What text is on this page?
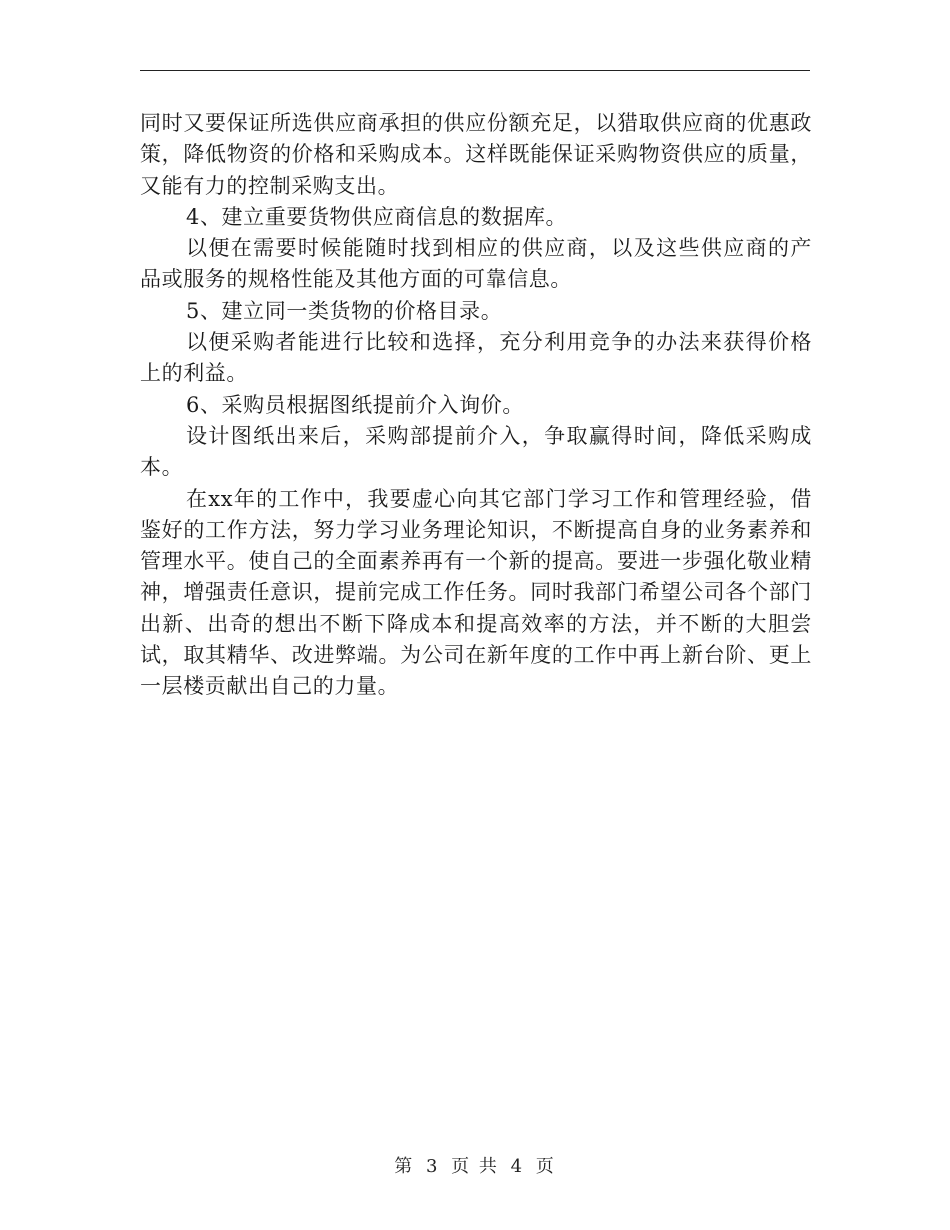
同时又要保证所选供应商承担的供应份额充足，以猎取供应商的优惠政策，降低物资的价格和采购成本。这样既能保证采购物资供应的质量，又能有力的控制采购支出。

4、建立重要货物供应商信息的数据库。

以便在需要时候能随时找到相应的供应商，以及这些供应商的产品或服务的规格性能及其他方面的可靠信息。

5、建立同一类货物的价格目录。

以便采购者能进行比较和选择，充分利用竞争的办法来获得价格上的利益。

6、采购员根据图纸提前介入询价。

设计图纸出来后，采购部提前介入，争取赢得时间，降低采购成本。

在xx年的工作中，我要虚心向其它部门学习工作和管理经验，借鉴好的工作方法，努力学习业务理论知识，不断提高自身的业务素养和管理水平。使自己的全面素养再有一个新的提高。要进一步强化敬业精神，增强责任意识，提前完成工作任务。同时我部门希望公司各个部门出新、出奇的想出不断下降成本和提高效率的方法，并不断的大胆尝试，取其精华、改进弊端。为公司在新年度的工作中再上新台阶、更上一层楼贡献出自己的力量。

第 3 页 共 4 页
